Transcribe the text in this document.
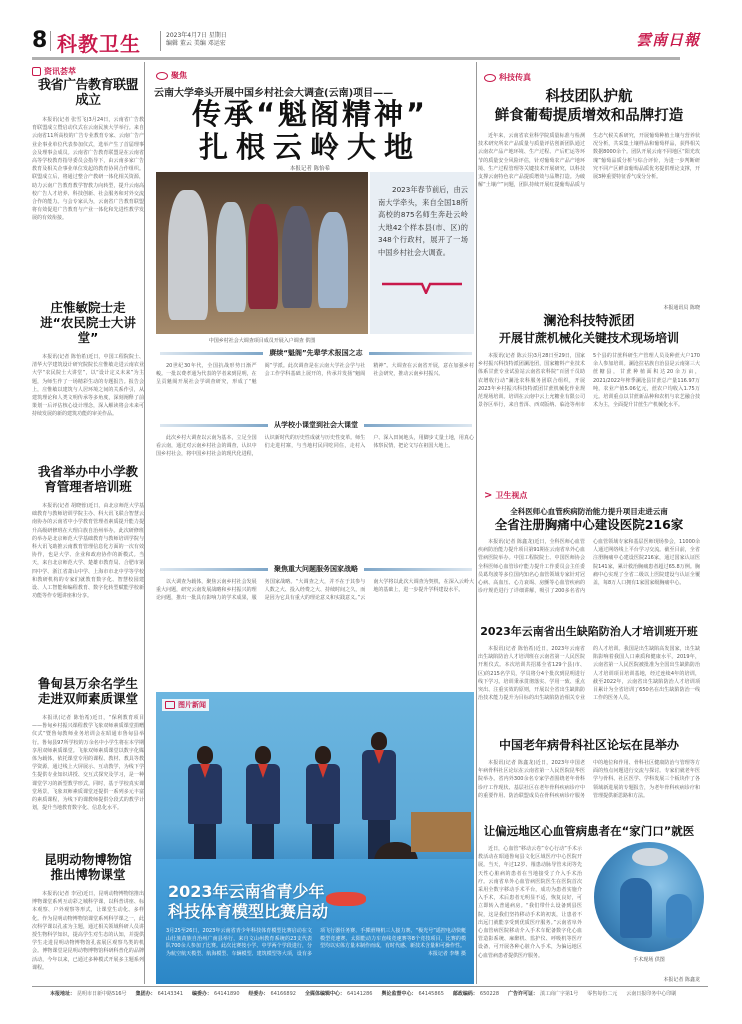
8 科教卫生	2023年4月7日 星期日
编辑 董云 美编 邓运宏	雲南日報
资讯荟萃
我省广告教育联盟成立
本报讯(记者 张雪飞)3月24日，云南省广告教育联盟成立暨启动仪式在云南民族大学举行。来自云南省11所高校的广告专业教育专家、云南广告产业企事业单位代表参加仪式，选举产生了首届理事会及理事会成员。云南省广告教育联盟是在云南省高等学校教育指导委员会指导下，由云南多家广告教育及相关企事业单位发起的教育协同合作组织。联盟成立后，将通过整合产教研一体化相关资源，助力云南广告教育教学智教力向转型，提升云南高校广告人才培养、科技创新、社会服务和对外交流合作的能力。与会专家认为，云南省广告教育联盟将有效促进广告教育与产业一体化和先进性教学发展的有效衔接。
庄惟敏院士走进“农民院士大讲堂”
本报讯(记者 陈怡希)近日，中国工程院院士、清华大学建筑设计研究院院长庄惟敏走进云南农业大学“农民院士大讲堂”，以“设计定义未来”为主题，为师生作了一场精彩生动的专题报告。报告会上，庄惟敏以建筑与人居环境之间的关系作引，从建筑理论和人类文明传承等多角度，深刻阐释了前策划一后评估核心设计理念，深入解读将会未来可持续发展的新的建筑功能的审美作品。
我省举办中小学教育管理者培训班
本报讯(记者 胡晓蓉)近日，由北京师范大学基础教育与教师培训学院主办、科大讯飞联合智慧云南协办的云南省中小学教育管理者素质提升能力提升高级研修班在大理白族自治州举办。此次研修班的举办是北京师范大学基础教育与教师培训学院与科大讯飞助推云南教育管理信息化方面的一次有效协作，也是大学、企业和政府协作的新模式。当天，来自北京师范大学、楚雄市教育局、合肥市第四中学、浙江省萧山中学、上海市市北中学等学校和教研机构的专家们就教育数字化、智慧校园建设、人工智能和编程教育、数字化转型赋能学校新功能等作专题讲座和分享。
鲁甸县万余名学生走进双师素质课堂
本报讯(记者 陈怡希)近日，“保利教育项目——鲁甸乡村振兴课程教学飞象双师素质课堂捐赠仪式”暨鲁甸教师业务培训会在昭通市鲁甸县举行。鲁甸县97所学校的万余名中小学生将在本学期享用双师素质课堂。飞象双师素质课堂以数字化媒体为载体，依托课堂专用的课程、教材、教具等教学资源，通过线上大屏展示、互动教学，为线下学生提供专业知识讲授、交互式探究及学习，是一种课堂学习的新型教学形式。同时，基于学校真实课堂场景，飞象双师素质课堂还提供一系列多元丰富的素质课程，为线下的课教师提供分段式的教学计划，提升当地教育数字化、信息化水平。
昆明动物博物馆推出博物课堂
本报讯(记者 李冠)近日，昆明动物博物馆推出博物课堂系列互动彩之城科学课，以科普讲座、标本观察、户外观察等形式，让课堂生动化、多样化。作为昆明动物博物馆课堂系列科学课之一，此次科学课以孔雀为主题，通过相关领域科研人员讲授生物科学知识，提高学生对生态的认知，并提供学生走进昆明动物博物馆孔雀展区观察鸟类的机会。博物课堂是昆明动物博物馆科研科普化的品牌活动，今年以来，已通过多种模式开展多主题系列课程。
聚焦
云南大学牵头开展中国乡村社会大调查(云南)项目——
传承“魁阁精神”
扎根云岭大地
本报记者 陈怡希
中国乡村社会大调查项目成员开展入户调查 供图

2023年春节前后，由云南大学牵头，来自全国18所高校的875名师生奔赴云岭大地42个样本县(市、区)的348个行政村，展开了一场中国乡村社会大调查。

赓续“魁阁”先辈学术报国之志
20世纪30年代，全国抗战形势日渐严峻。一批以费孝通为代表的学者来到昆明，在呈贡魁阁开展社会学调查研究，形成了“魁阁”学派。此次调查是在云南大学社会学与社会工作学科基础上展开的，传承并发扬“魁阁精神”。大调查在云南省开展，意在加强乡村社会研究，推动云南乡村振兴。
从学校小课堂到社会大课堂
此次乡村大调查以云南为基本，立足全国看云南，通过对云南乡村社会的调查，认识中国乡村社会，将中国乡村社会的现代化进程，认识新时代的历史性成就与历史性变革。师生们走进村寨，与当地村民同吃同住，走村入户、深入田间地头，用脚步丈量土地，用真心体察民情，把论文写在祖国大地上。
聚焦重大问题服务国家战略
以大调查为载体，聚焦云南乡村社会发展重大问题，研究云南发展战略和乡村振兴的理论问题，推出一批具有影响力的学术成果，服务国家战略。“大调查之大，并不在于其参与人数之大、投入经费之大、持续时间之久，而是因为它具有重大的理论意义和实践意义。”云南大学将以此次大调查为契机，在深入云岭大地的基础上，进一步提升学科建设水平。
图片新闻
2023年云南省青少年
科技体育模型比赛启动
3月25至26日，2023年云南省青少年科技体育模型比赛启动在文山壮族苗族自治州广南县举行，来自文山州教育系统的23支代表队700余人参加了比赛。此次比赛按小学、中学两个学段进行，分为航空航天模型、航海模型、车辆模型、建筑模型等大项，设有多项飞行器任务赛、手掷滑翔机三人接力赛、“极光号”遥控电动快艇模型竞速赛、太阳能动力车直线竞速赛等8个竞技项目，比赛的模型均以实体方量本制作而成，有时代感、新技术含量和可操作性。
本报记者 李继 摄
科技传真
科技团队护航
鲜食葡萄提质增效和品牌打造
近年来，云南省农业科学院质量标准与检测技术研究所农产品质量与质量评估创新团队通过云南农产品产地环境、生产过程、产后贮运等环节的质量安全风险评估，针对葡萄农产品产地环境、生产过程管理等关键技术开展研究，以科技支撑云南特色农产品提质增效与品牌打造。为破解“土壤产”问题，团队持续开展红提葡萄品质与生态气候关系研究，开展葡萄种植土壤与营养状况分析，共采集土壤样品和葡萄样品，获得相关数据8000余个。团队开展云南不同地区“阳光玫瑰”葡萄品质分析与综合评价，为进一步判断研究不同产区鲜食葡萄品质优劣提供理论支撑，开展3种重要特征香气成分分析。
本报通讯员 陈晓
澜沧科技特派团
开展甘蔗机械化关键技术现场培训
本报讯(记者 陈云芬)3月28日至29日，国家乡村振兴科技特派团澜沧团，国家糖料产业技术体系甘蔗专业试验站云南省农科院“百团千员助农增收行动”澜沧农科服务团联合组织，开展2023年乡村振兴科技特派团甘蔗机械化作业规范现场培训。培训在云南中云上允糖业有限公司景谷区举行，来自普洱、西双版纳、临沧等州市5个县的甘蔗科研生产管理人员及种蔗大户170余人参加培训。澜沧拉祜族自治县是云南第三大蔗糖县，甘蔗种植面积达20余万亩，2021/2022年榨季澜沧县甘蔗总产量116.97万吨，农业产值5.06亿元，蔗农户均收入1.75万元。培训重点以甘蔗新品种和农机与农艺融合技术为主，全面提升甘蔗生产机械化水平。
> 卫生视点
全科医师心血管疾病防治能力提升项目走进云南
全省注册胸痛中心建设医院216家
本报讯(记者 陈鑫龙)近日，全科医师心血管疾病防治能力提升项目第91期在云南省阜外心血管病医院举办。中国工程院院士、中国医师协会全科医师心血管诊疗能力提升工作委员会主任委员葛均波等多位国内知名心血管领域专家针对冠心病、高血压、心力衰竭、房颤等心血管疾病的诊疗规范进行了详细讲解，吸引了200多名省内心血管领域专家和基层医师现场参会，11000余人通过网络线上平台学习交流。截至目前，全省注册胸痛中心建设医院216家，通过国家认证医院141家，累计救治胸痛患者超过65.8万例。胸痛中心实现了全省二级以上医院建设与认证全覆盖，每8万人口拥有1家国家级胸痛中心。
2023年云南省出生缺陷防治人才培训班开班
本报讯(记者 陈怡希)近日，2023年云南省出生缺陷防治人才培训班在云南省第一人民医院开班仪式。本次培训共招募全省129个县(市、区)的215名学员，学员将分4个批次到昆明进行线下学习。培训秉承贯彻落实、学用一致、重点突出、注重实效的原则，开展以全省出生缺陷防治技术能力提升为目标的出生缺陷防治相关专业的人才培训。我国是出生缺陷高发国家，出生缺陷影响着我国人口素质和健康水平。2019年，云南省第一人民医院被批准为全国出生缺陷防治人才培训项目培训基地，经过连续4年的培训，截至2022年，云南省出生缺陷防治人才培训项目累计为全省培训了650名在出生缺陷防治一线工作的医务人员。
中国老年病骨科社区论坛在昆举办
本报讯(记者 陈鑫龙)近日，2023年中国老年病骨科社区论坛在云南省第一人民医院昆华医院举办。省内外300余名专家学者围绕老年骨科诊疗工作现状、基层社区在老年骨科疾病诊疗中的重要作用、防治联盟成员在骨科疾病诊疗服务中的地位和作用、骨科社区健康防治与管理等方面的热点问题进行交流与探讨。专家们就老年医学与骨科、社区医学、学科发展三个板块作了各领域新进展的专题报告，为老年骨科疾病诊疗和管理提供新思路和方法。
让偏远地区心血管病患者在“家门口”就医
近日，心血管“移动云卷”专心行动”手术示教活动在昭通鲁甸县文化区域医疗中心医院开展。当天，年过12岁、罹患动脉导管未闭等先天性心脏病的患者在当地接受了介入手术治疗。云南省阜外心血管病医院医生在医院首次采用全数字移动手术平台，成功为患者实施介入手术，术后患者无明显不适，恢复良好，可立即转入普通病房。“我们带什么设备到县医院，这是我们坚持移动手术的初衷，让患者不出远门就能享受到优质医疗服务。”云南省阜外心血管病医院移动介入手术车配备数字化心血管造影系统、麻醉机、监护仪、呼吸机等医疗设备，可开展各种心脏介入手术，为偏远地区心血管病患者提供医疗服务。
手术现场 供图
本报记者 陈鑫龙
本报地址： 昆明市日新中路516号 集团办： 64143341 编委办： 64141890 经委办： 64166892 全媒体编辑中心： 64141286 舆论监督中心： 64145865 邮政编码： 650228 广告许可证： 滇工商广字第1号 零售每份二元 云南日报印务中心印刷
